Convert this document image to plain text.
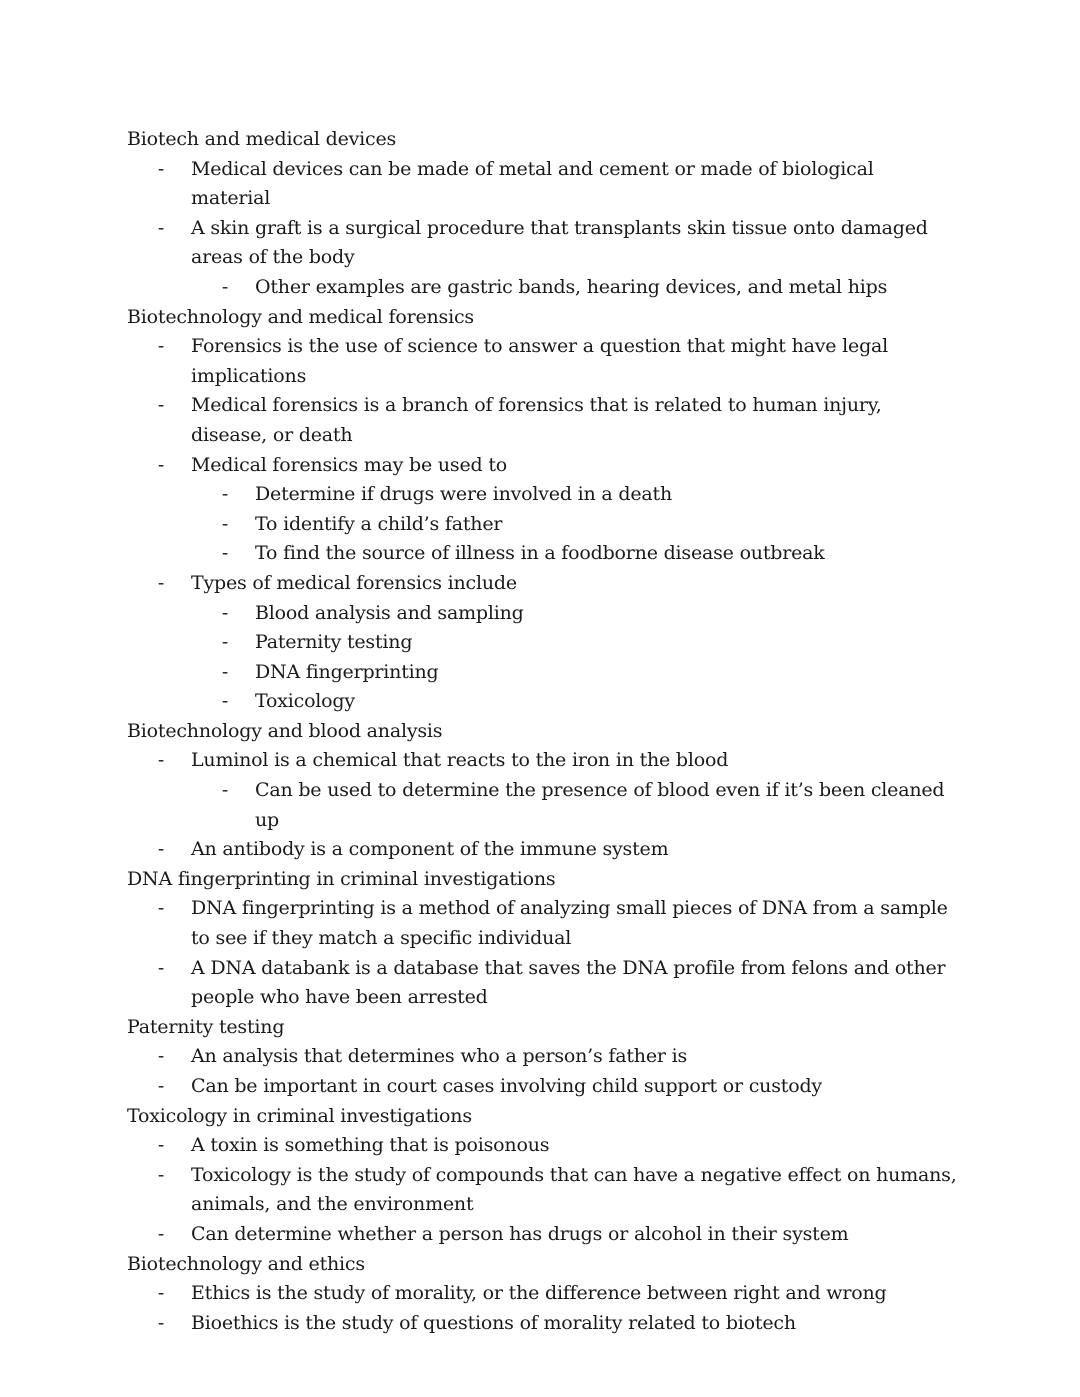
Biotech and medical devices
- Medical devices can be made of metal and cement or made of biological material
- A skin graft is a surgical procedure that transplants skin tissue onto damaged areas of the body
- Other examples are gastric bands, hearing devices, and metal hips
Biotechnology and medical forensics
- Forensics is the use of science to answer a question that might have legal implications
- Medical forensics is a branch of forensics that is related to human injury, disease, or death
- Medical forensics may be used to
- Determine if drugs were involved in a death
- To identify a child’s father
- To find the source of illness in a foodborne disease outbreak
- Types of medical forensics include
- Blood analysis and sampling
- Paternity testing
- DNA fingerprinting
- Toxicology
Biotechnology and blood analysis
- Luminol is a chemical that reacts to the iron in the blood
- Can be used to determine the presence of blood even if it’s been cleaned up
- An antibody is a component of the immune system
DNA fingerprinting in criminal investigations
- DNA fingerprinting is a method of analyzing small pieces of DNA from a sample to see if they match a specific individual
- A DNA databank is a database that saves the DNA profile from felons and other people who have been arrested
Paternity testing
- An analysis that determines who a person’s father is
- Can be important in court cases involving child support or custody
Toxicology in criminal investigations
- A toxin is something that is poisonous
- Toxicology is the study of compounds that can have a negative effect on humans, animals, and the environment
- Can determine whether a person has drugs or alcohol in their system
Biotechnology and ethics
- Ethics is the study of morality, or the difference between right and wrong
- Bioethics is the study of questions of morality related to biotech
